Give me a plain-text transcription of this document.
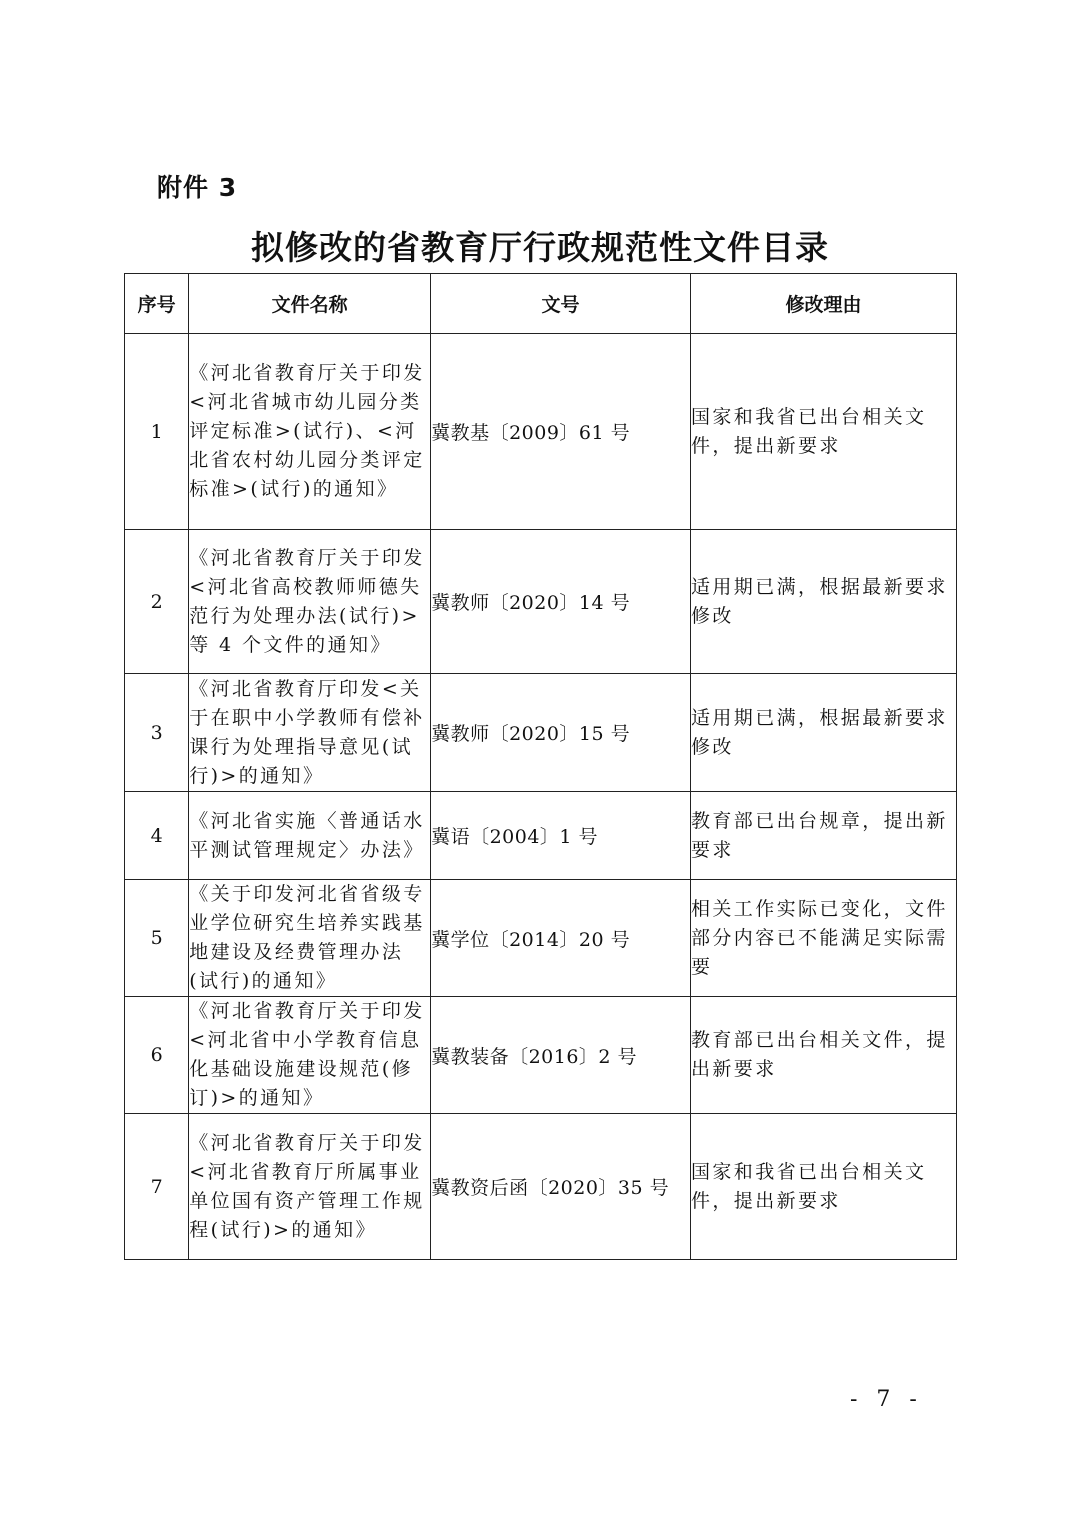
附件 3
拟修改的省教育厅行政规范性文件目录
序号	文件名称	文号	修改理由
1	《河北省教育厅关于印发<河北省城市幼儿园分类评定标准>(试行)、<河北省农村幼儿园分类评定标准>(试行)的通知》	冀教基〔2009〕61 号	国家和我省已出台相关文件，提出新要求
2	《河北省教育厅关于印发<河北省高校教师师德失范行为处理办法(试行)>等 4 个文件的通知》	冀教师〔2020〕14 号	适用期已满，根据最新要求修改
3	《河北省教育厅印发<关于在职中小学教师有偿补课行为处理指导意见(试行)>的通知》	冀教师〔2020〕15 号	适用期已满，根据最新要求修改
4	《河北省实施〈普通话水平测试管理规定〉办法》	冀语〔2004〕1 号	教育部已出台规章，提出新要求
5	《关于印发河北省省级专业学位研究生培养实践基地建设及经费管理办法(试行)的通知》	冀学位〔2014〕20 号	相关工作实际已变化，文件部分内容已不能满足实际需要
6	《河北省教育厅关于印发<河北省中小学教育信息化基础设施建设规范(修订)>的通知》	冀教装备〔2016〕2 号	教育部已出台相关文件，提出新要求
7	《河北省教育厅关于印发<河北省教育厅所属事业单位国有资产管理工作规程(试行)>的通知》	冀教资后函〔2020〕35 号	国家和我省已出台相关文件，提出新要求
- 7 -
